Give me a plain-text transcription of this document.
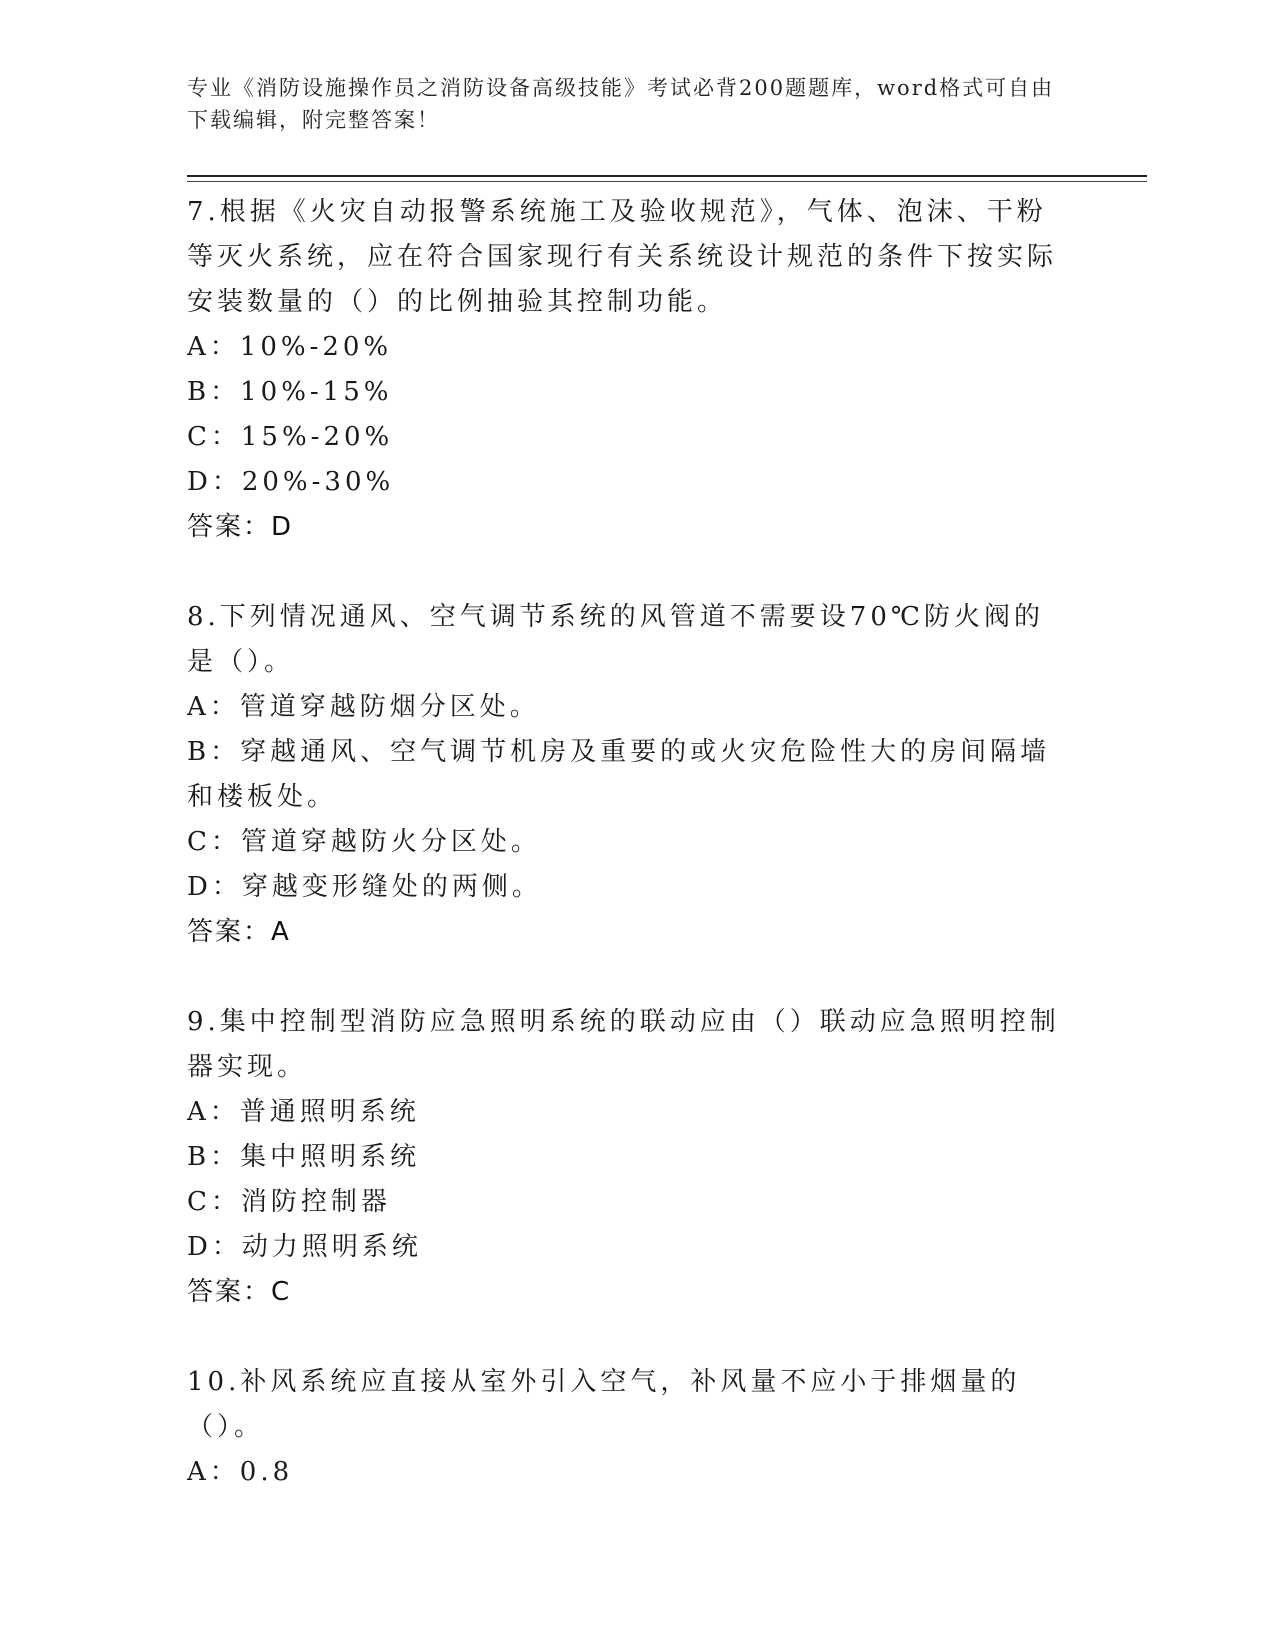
专业《消防设施操作员之消防设备高级技能》考试必背200题题库，word格式可自由下载编辑，附完整答案！

7.根据《火灾自动报警系统施工及验收规范》，气体、泡沫、干粉等灭火系统，应在符合国家现行有关系统设计规范的条件下按实际安装数量的（）的比例抽验其控制功能。

A：10%-20%

B：10%-15%

C：15%-20%

D：20%-30%

答案：D

8.下列情况通风、空气调节系统的风管道不需要设70℃防火阀的是（）。

A：管道穿越防烟分区处。

B：穿越通风、空气调节机房及重要的或火灾危险性大的房间隔墙和楼板处。

C：管道穿越防火分区处。

D：穿越变形缝处的两侧。

答案：A

9.集中控制型消防应急照明系统的联动应由（）联动应急照明控制器实现。

A：普通照明系统

B：集中照明系统

C：消防控制器

D：动力照明系统

答案：C

10.补风系统应直接从室外引入空气，补风量不应小于排烟量的（）。

A：0.8
